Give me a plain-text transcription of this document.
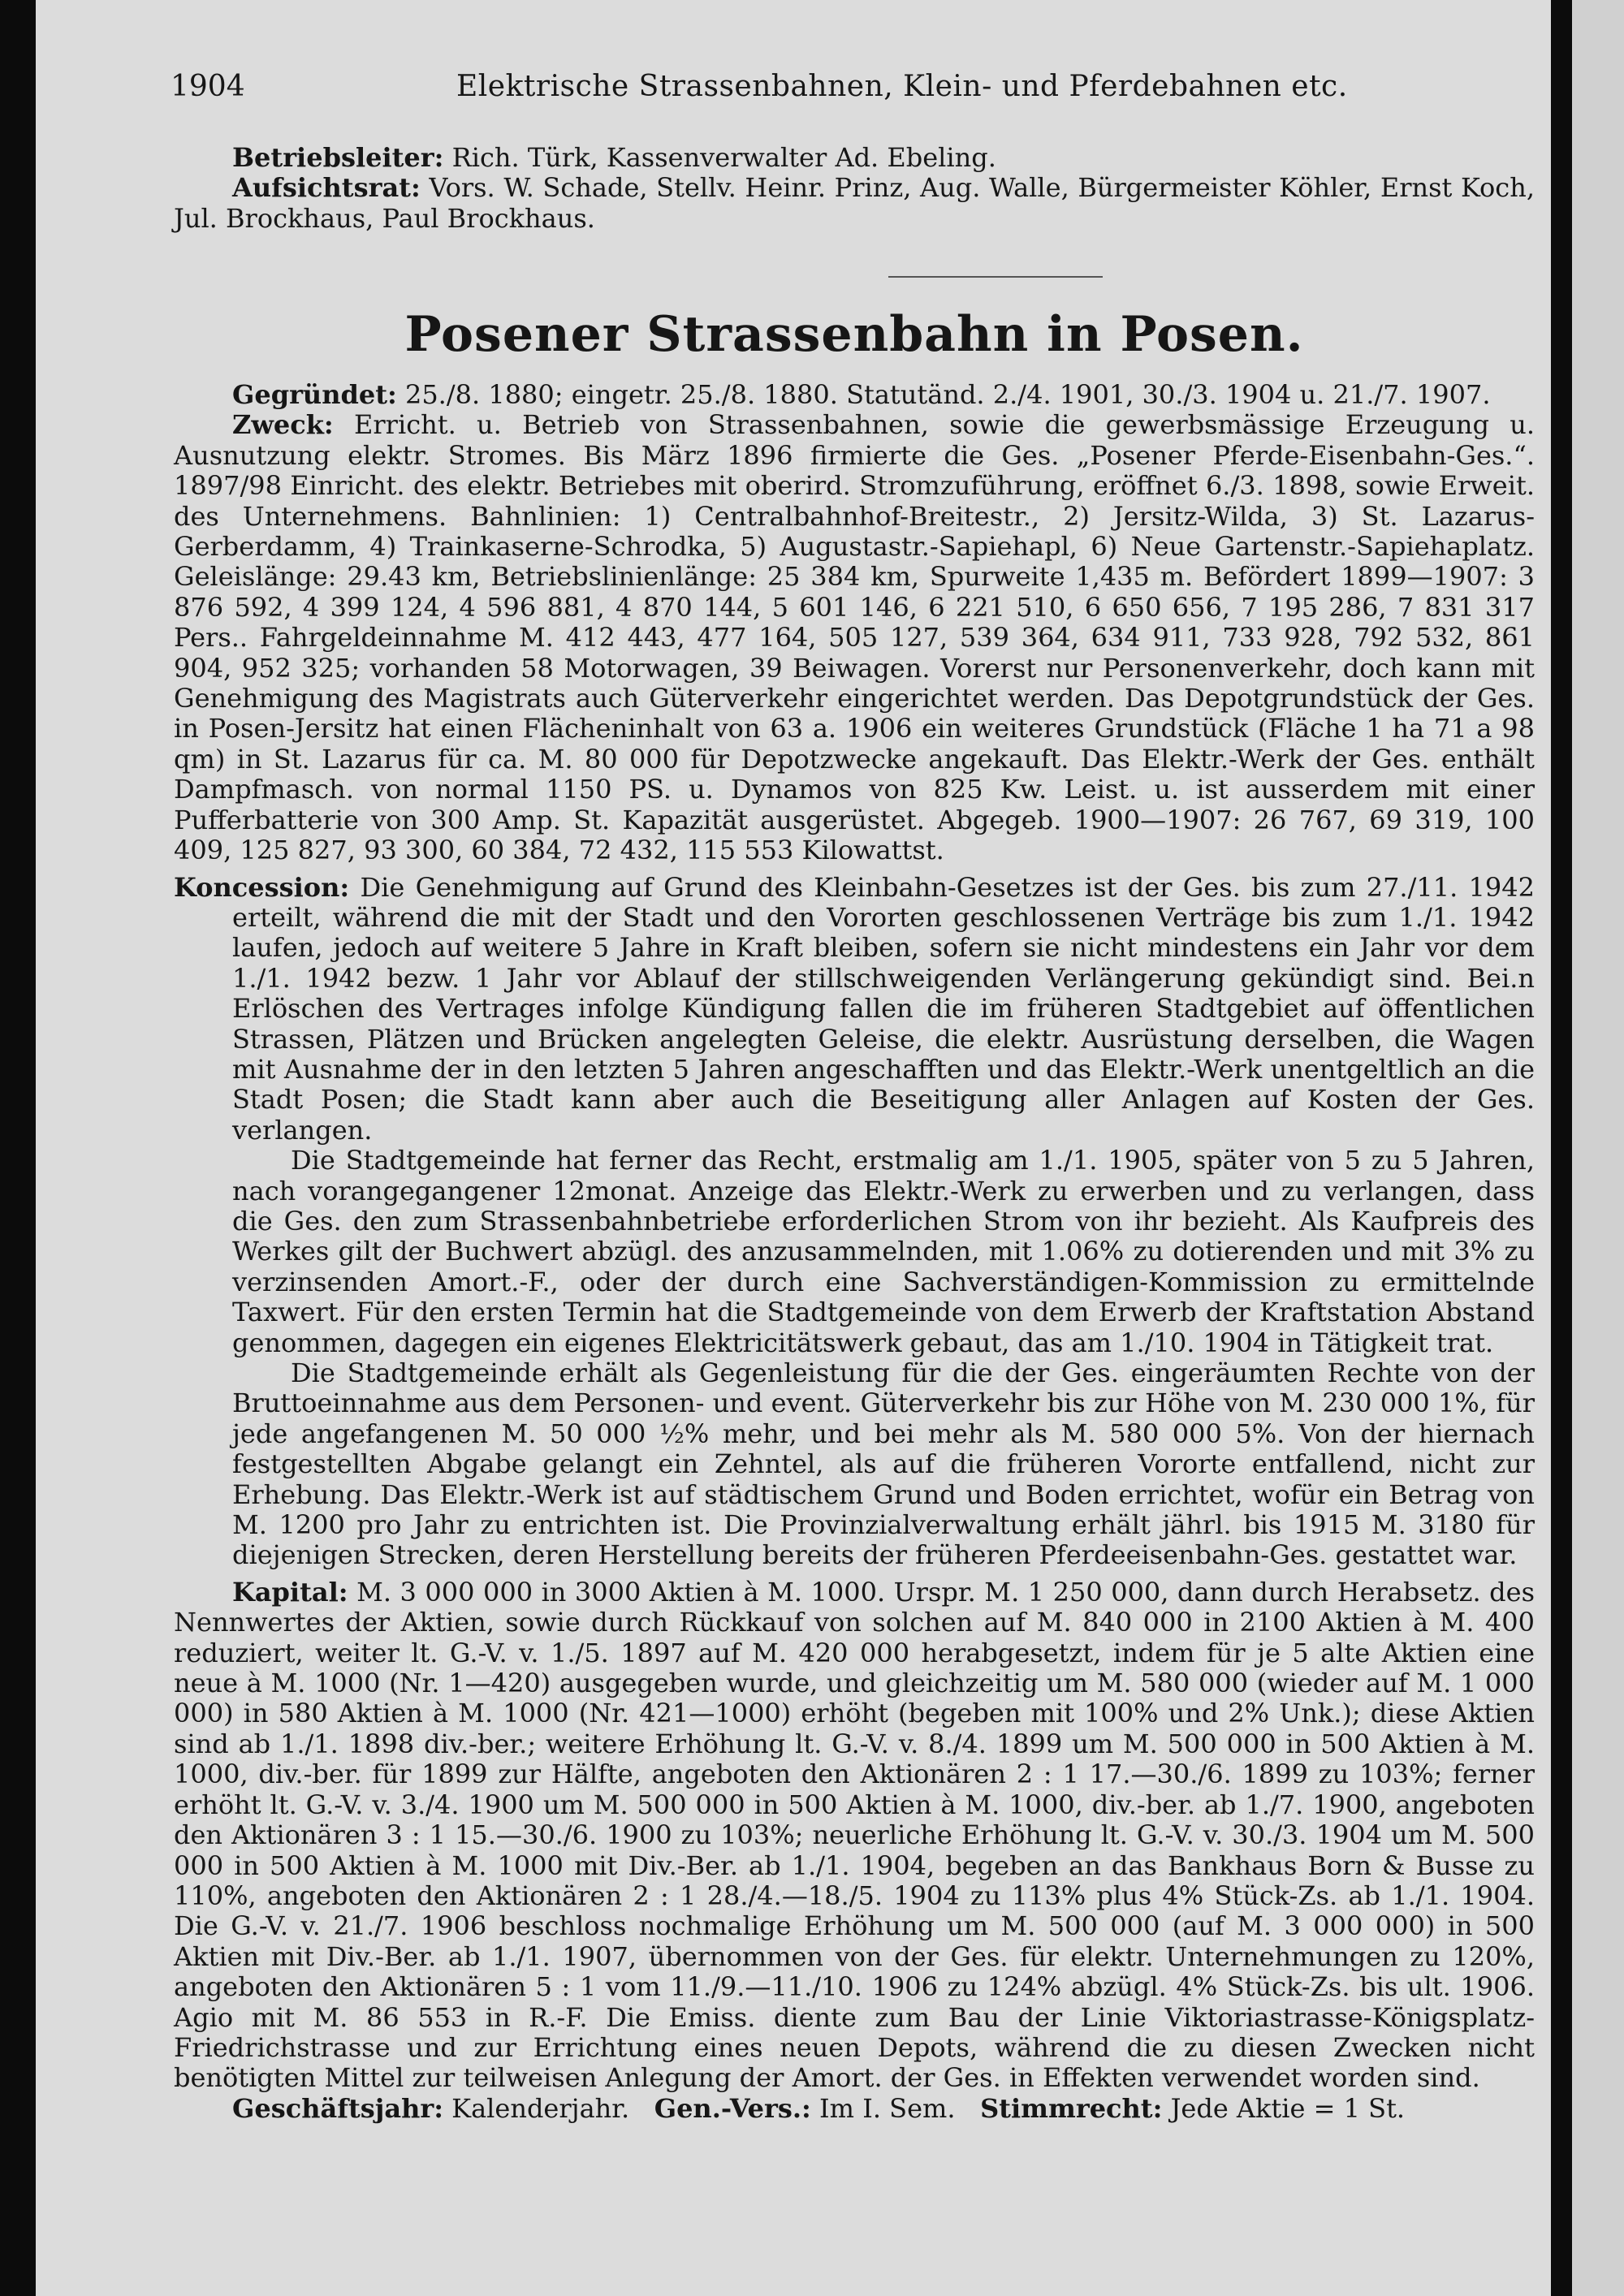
1904	Elektrische Strassenbahnen, Klein- und Pferdebahnen etc.

Betriebsleiter: Rich. Türk, Kassenverwalter Ad. Ebeling.

Aufsichtsrat: Vors. W. Schade, Stellv. Heinr. Prinz, Aug. Walle, Bürgermeister Köhler, Ernst Koch, Jul. Brockhaus, Paul Brockhaus.

Posener Strassenbahn in Posen.

Gegründet: 25./8. 1880; eingetr. 25./8. 1880. Statutänd. 2./4. 1901, 30./3. 1904 u. 21./7. 1907.

Zweck: Erricht. u. Betrieb von Strassenbahnen, sowie die gewerbsmässige Erzeugung u. Ausnutzung elektr. Stromes. Bis März 1896 firmierte die Ges. „Posener Pferde-Eisenbahn-Ges.“. 1897/98 Einricht. des elektr. Betriebes mit oberird. Stromzuführung, eröffnet 6./3. 1898, sowie Erweit. des Unternehmens. Bahnlinien: 1) Centralbahnhof-Breitestr., 2) Jersitz-Wilda, 3) St. Lazarus-Gerberdamm, 4) Trainkaserne-Schrodka, 5) Augustastr.-Sapiehapl, 6) Neue Gartenstr.-Sapiehaplatz. Geleislänge: 29.43 km, Betriebslinienlänge: 25 384 km, Spurweite 1,435 m. Befördert 1899—1907: 3 876 592, 4 399 124, 4 596 881, 4 870 144, 5 601 146, 6 221 510, 6 650 656, 7 195 286, 7 831 317 Pers.. Fahrgeldeinnahme M. 412 443, 477 164, 505 127, 539 364, 634 911, 733 928, 792 532, 861 904, 952 325; vorhanden 58 Motorwagen, 39 Beiwagen. Vorerst nur Personenverkehr, doch kann mit Genehmigung des Magistrats auch Güterverkehr eingerichtet werden. Das Depotgrundstück der Ges. in Posen-Jersitz hat einen Flächeninhalt von 63 a. 1906 ein weiteres Grundstück (Fläche 1 ha 71 a 98 qm) in St. Lazarus für ca. M. 80 000 für Depotzwecke angekauft. Das Elektr.-Werk der Ges. enthält Dampfmasch. von normal 1150 PS. u. Dynamos von 825 Kw. Leist. u. ist ausserdem mit einer Pufferbatterie von 300 Amp. St. Kapazität ausgerüstet. Abgegeb. 1900—1907: 26 767, 69 319, 100 409, 125 827, 93 300, 60 384, 72 432, 115 553 Kilowattst.

Koncession: Die Genehmigung auf Grund des Kleinbahn-Gesetzes ist der Ges. bis zum 27./11. 1942 erteilt, während die mit der Stadt und den Vororten geschlossenen Verträge bis zum 1./1. 1942 laufen, jedoch auf weitere 5 Jahre in Kraft bleiben, sofern sie nicht mindestens ein Jahr vor dem 1./1. 1942 bezw. 1 Jahr vor Ablauf der stillschweigenden Verlängerung gekündigt sind. Bei.n Erlöschen des Vertrages infolge Kündigung fallen die im früheren Stadtgebiet auf öffentlichen Strassen, Plätzen und Brücken angelegten Geleise, die elektr. Ausrüstung derselben, die Wagen mit Ausnahme der in den letzten 5 Jahren angeschafften und das Elektr.-Werk unentgeltlich an die Stadt Posen; die Stadt kann aber auch die Beseitigung aller Anlagen auf Kosten der Ges. verlangen.

Die Stadtgemeinde hat ferner das Recht, erstmalig am 1./1. 1905, später von 5 zu 5 Jahren, nach vorangegangener 12monat. Anzeige das Elektr.-Werk zu erwerben und zu verlangen, dass die Ges. den zum Strassenbahnbetriebe erforderlichen Strom von ihr bezieht. Als Kaufpreis des Werkes gilt der Buchwert abzügl. des anzusammelnden, mit 1.06% zu dotierenden und mit 3% zu verzinsenden Amort.-F., oder der durch eine Sachverständigen-Kommission zu ermittelnde Taxwert. Für den ersten Termin hat die Stadtgemeinde von dem Erwerb der Kraftstation Abstand genommen, dagegen ein eigenes Elektricitätswerk gebaut, das am 1./10. 1904 in Tätigkeit trat.

Die Stadtgemeinde erhält als Gegenleistung für die der Ges. eingeräumten Rechte von der Bruttoeinnahme aus dem Personen- und event. Güterverkehr bis zur Höhe von M. 230 000 1%, für jede angefangenen M. 50 000 ½% mehr, und bei mehr als M. 580 000 5%. Von der hiernach festgestellten Abgabe gelangt ein Zehntel, als auf die früheren Vororte entfallend, nicht zur Erhebung. Das Elektr.-Werk ist auf städtischem Grund und Boden errichtet, wofür ein Betrag von M. 1200 pro Jahr zu entrichten ist. Die Provinzialverwaltung erhält jährl. bis 1915 M. 3180 für diejenigen Strecken, deren Herstellung bereits der früheren Pferdeeisenbahn-Ges. gestattet war.

Kapital: M. 3 000 000 in 3000 Aktien à M. 1000. Urspr. M. 1 250 000, dann durch Herabsetz. des Nennwertes der Aktien, sowie durch Rückkauf von solchen auf M. 840 000 in 2100 Aktien à M. 400 reduziert, weiter lt. G.-V. v. 1./5. 1897 auf M. 420 000 herabgesetzt, indem für je 5 alte Aktien eine neue à M. 1000 (Nr. 1—420) ausgegeben wurde, und gleichzeitig um M. 580 000 (wieder auf M. 1 000 000) in 580 Aktien à M. 1000 (Nr. 421—1000) erhöht (begeben mit 100% und 2% Unk.); diese Aktien sind ab 1./1. 1898 div.-ber.; weitere Erhöhung lt. G.-V. v. 8./4. 1899 um M. 500 000 in 500 Aktien à M. 1000, div.-ber. für 1899 zur Hälfte, angeboten den Aktionären 2 : 1 17.—30./6. 1899 zu 103%; ferner erhöht lt. G.-V. v. 3./4. 1900 um M. 500 000 in 500 Aktien à M. 1000, div.-ber. ab 1./7. 1900, angeboten den Aktionären 3 : 1 15.—30./6. 1900 zu 103%; neuerliche Erhöhung lt. G.-V. v. 30./3. 1904 um M. 500 000 in 500 Aktien à M. 1000 mit Div.-Ber. ab 1./1. 1904, begeben an das Bankhaus Born & Busse zu 110%, angeboten den Aktionären 2 : 1 28./4.—18./5. 1904 zu 113% plus 4% Stück-Zs. ab 1./1. 1904. Die G.-V. v. 21./7. 1906 beschloss nochmalige Erhöhung um M. 500 000 (auf M. 3 000 000) in 500 Aktien mit Div.-Ber. ab 1./1. 1907, übernommen von der Ges. für elektr. Unternehmungen zu 120%, angeboten den Aktionären 5 : 1 vom 11./9.—11./10. 1906 zu 124% abzügl. 4% Stück-Zs. bis ult. 1906. Agio mit M. 86 553 in R.-F. Die Emiss. diente zum Bau der Linie Viktoriastrasse-Königsplatz-Friedrichstrasse und zur Errichtung eines neuen Depots, während die zu diesen Zwecken nicht benötigten Mittel zur teilweisen Anlegung der Amort. der Ges. in Effekten verwendet worden sind.

Geschäftsjahr: Kalenderjahr. Gen.-Vers.: Im I. Sem. Stimmrecht: Jede Aktie = 1 St.
